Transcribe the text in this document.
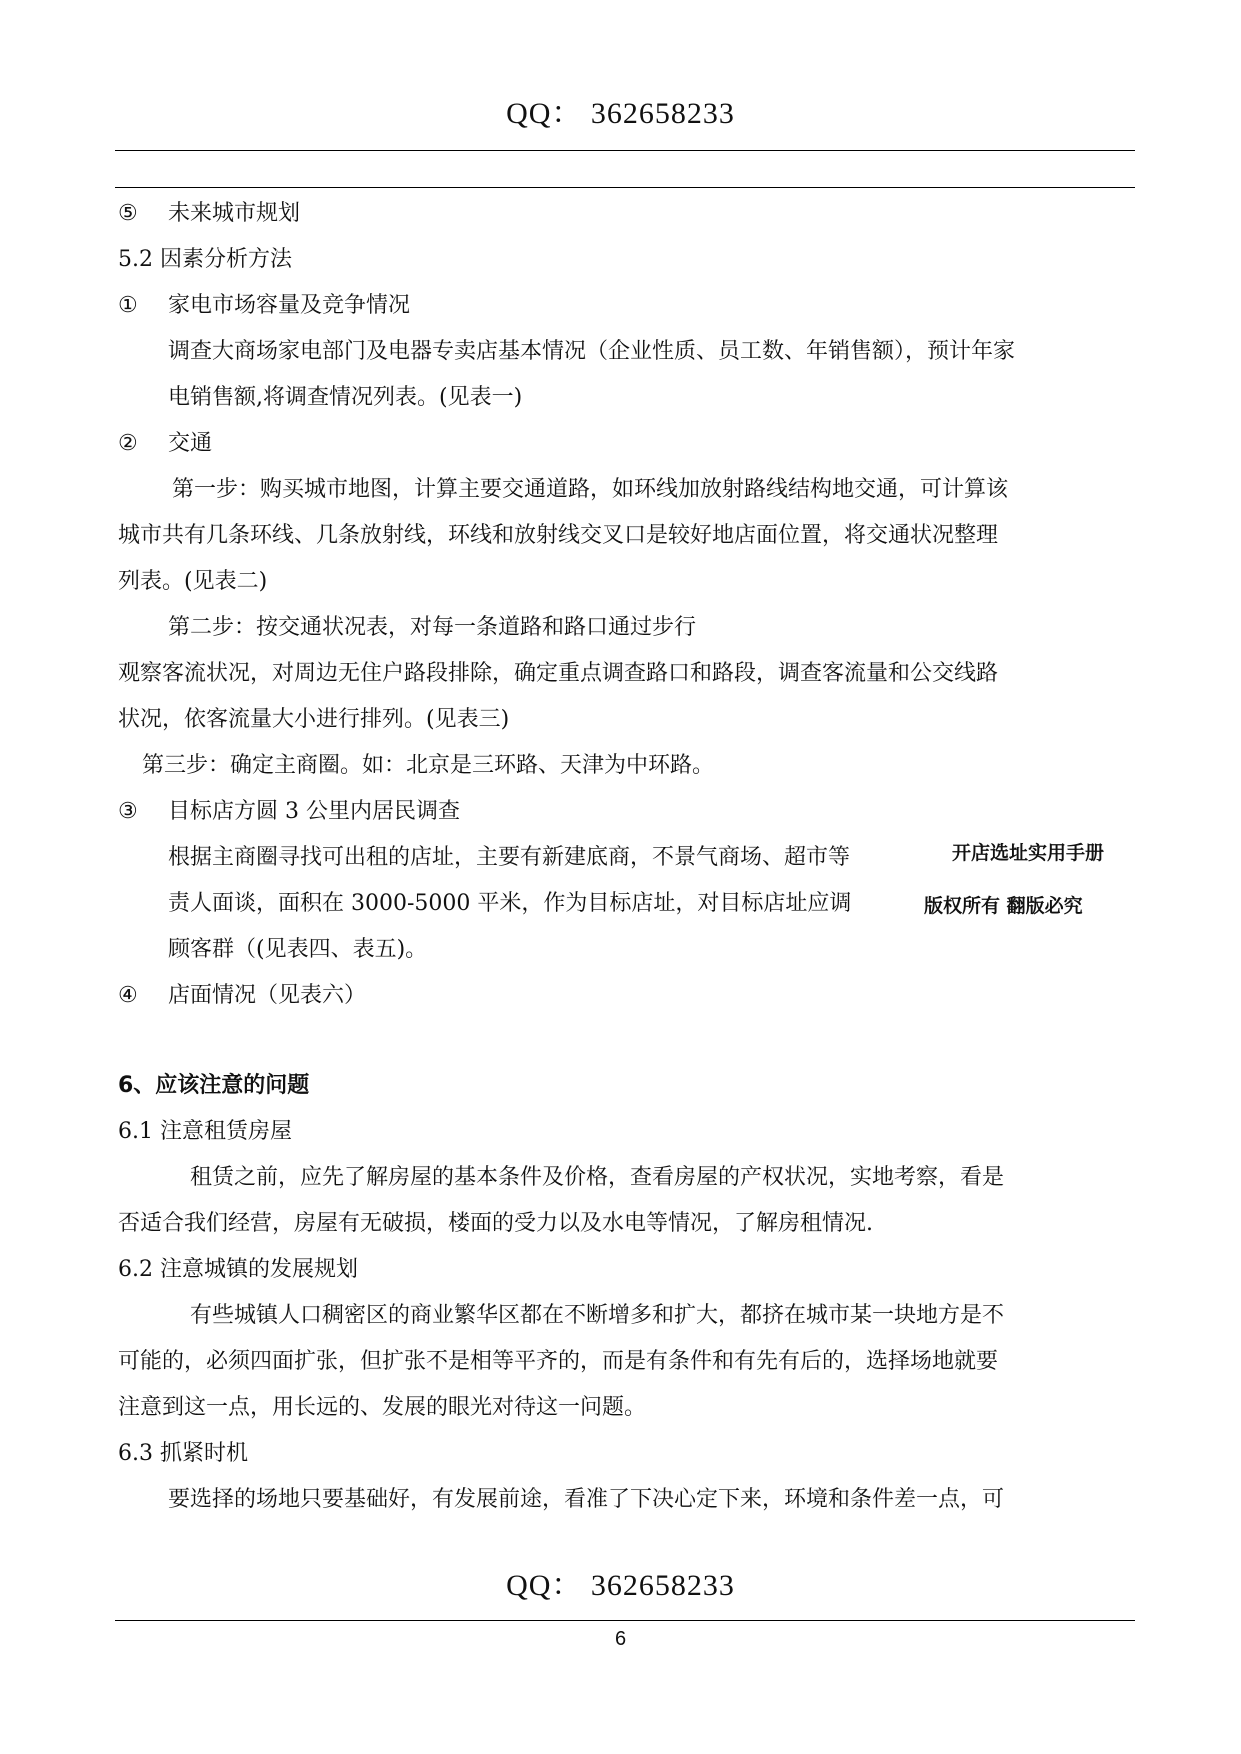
QQ： 362658233
⑤ 未来城市规划
5.2 因素分析方法
① 家电市场容量及竞争情况
调查大商场家电部门及电器专卖店基本情况（企业性质、员工数、年销售额），预计年家
电销售额,将调查情况列表。(见表一)
② 交通
第一步：购买城市地图，计算主要交通道路，如环线加放射路线结构地交通，可计算该
城市共有几条环线、几条放射线，环线和放射线交叉口是较好地店面位置，将交通状况整理
列表。(见表二)
第二步：按交通状况表，对每一条道路和路口通过步行
观察客流状况，对周边无住户路段排除，确定重点调查路口和路段，调查客流量和公交线路
状况，依客流量大小进行排列。(见表三)
第三步：确定主商圈。如：北京是三环路、天津为中环路。
③ 目标店方圆 3 公里内居民调查
根据主商圈寻找可出租的店址，主要有新建底商，不景气商场、超市等
责人面谈，面积在 3000-5000 平米，作为目标店址，对目标店址应调
顾客群（(见表四、表五)。
④ 店面情况（见表六）
开店选址实用手册
版权所有 翻版必究
6、应该注意的问题
6.1 注意租赁房屋
租赁之前，应先了解房屋的基本条件及价格，查看房屋的产权状况，实地考察，看是
否适合我们经营，房屋有无破损，楼面的受力以及水电等情况，了解房租情况.
6.2 注意城镇的发展规划
有些城镇人口稠密区的商业繁华区都在不断增多和扩大，都挤在城市某一块地方是不
可能的，必须四面扩张，但扩张不是相等平齐的，而是有条件和有先有后的，选择场地就要
注意到这一点，用长远的、发展的眼光对待这一问题。
6.3 抓紧时机
要选择的场地只要基础好，有发展前途，看准了下决心定下来，环境和条件差一点，可
QQ： 362658233
6
